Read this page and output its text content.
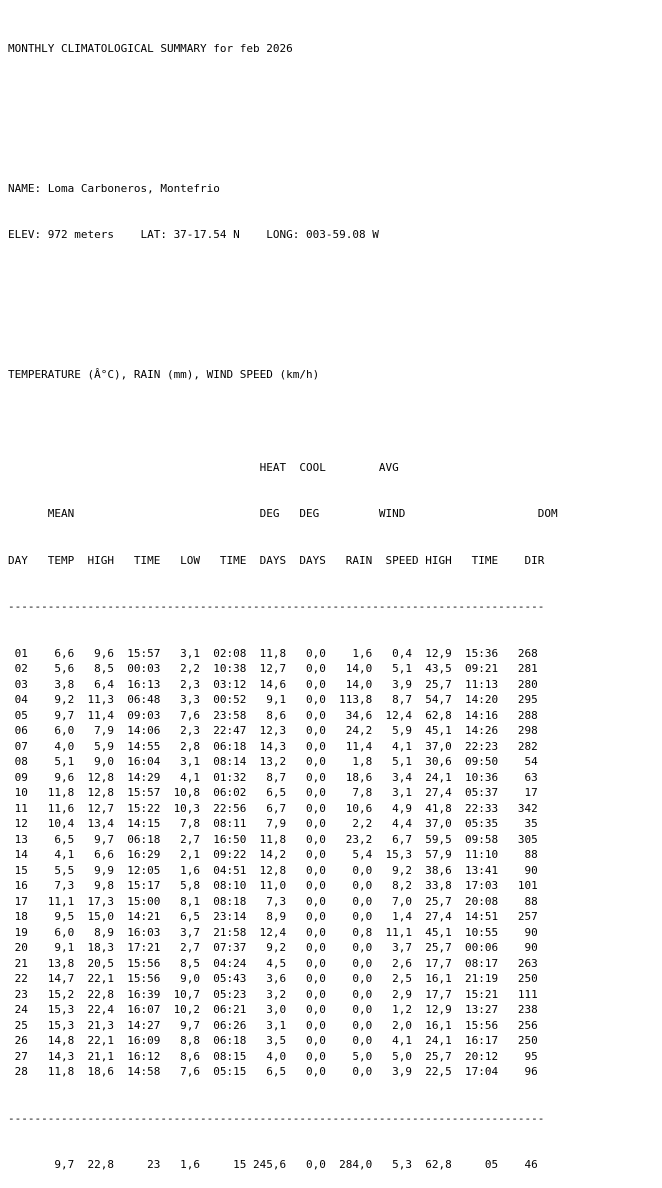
MONTHLY CLIMATOLOGICAL SUMMARY for feb 2026

NAME: Loma Carboneros, Montefrio

ELEV: 972 meters    LAT: 37-17.54 N    LONG: 003-59.08 W

TEMPERATURE (Â°C), RAIN (mm), WIND SPEED (km/h)

HEAT  COOL        AVG

MEAN                            DEG   DEG         WIND                    DOM

DAY   TEMP  HIGH   TIME   LOW   TIME  DAYS  DAYS   RAIN  SPEED HIGH   TIME    DIR

---------------------------------------------------------------------------------

01    6,6   9,6  15:57   3,1  02:08  11,8   0,0    1,6   0,4  12,9  15:36   268
02    5,6   8,5  00:03   2,2  10:38  12,7   0,0   14,0   5,1  43,5  09:21   281
03    3,8   6,4  16:13   2,3  03:12  14,6   0,0   14,0   3,9  25,7  11:13   280
04    9,2  11,3  06:48   3,3  00:52   9,1   0,0  113,8   8,7  54,7  14:20   295
05    9,7  11,4  09:03   7,6  23:58   8,6   0,0   34,6  12,4  62,8  14:16   288
06    6,0   7,9  14:06   2,3  22:47  12,3   0,0   24,2   5,9  45,1  14:26   298
07    4,0   5,9  14:55   2,8  06:18  14,3   0,0   11,4   4,1  37,0  22:23   282
08    5,1   9,0  16:04   3,1  08:14  13,2   0,0    1,8   5,1  30,6  09:50    54
09    9,6  12,8  14:29   4,1  01:32   8,7   0,0   18,6   3,4  24,1  10:36    63
10   11,8  12,8  15:57  10,8  06:02   6,5   0,0    7,8   3,1  27,4  05:37    17
11   11,6  12,7  15:22  10,3  22:56   6,7   0,0   10,6   4,9  41,8  22:33   342
12   10,4  13,4  14:15   7,8  08:11   7,9   0,0    2,2   4,4  37,0  05:35    35
13    6,5   9,7  06:18   2,7  16:50  11,8   0,0   23,2   6,7  59,5  09:58   305
14    4,1   6,6  16:29   2,1  09:22  14,2   0,0    5,4  15,3  57,9  11:10    88
15    5,5   9,9  12:05   1,6  04:51  12,8   0,0    0,0   9,2  38,6  13:41    90
16    7,3   9,8  15:17   5,8  08:10  11,0   0,0    0,0   8,2  33,8  17:03   101
17   11,1  17,3  15:00   8,1  08:18   7,3   0,0    0,0   7,0  25,7  20:08    88
18    9,5  15,0  14:21   6,5  23:14   8,9   0,0    0,0   1,4  27,4  14:51   257
19    6,0   8,9  16:03   3,7  21:58  12,4   0,0    0,8  11,1  45,1  10:55    90
20    9,1  18,3  17:21   2,7  07:37   9,2   0,0    0,0   3,7  25,7  00:06    90
21   13,8  20,5  15:56   8,5  04:24   4,5   0,0    0,0   2,6  17,7  08:17   263
22   14,7  22,1  15:56   9,0  05:43   3,6   0,0    0,0   2,5  16,1  21:19   250
23   15,2  22,8  16:39  10,7  05:23   3,2   0,0    0,0   2,9  17,7  15:21   111
24   15,3  22,4  16:07  10,2  06:21   3,0   0,0    0,0   1,2  12,9  13:27   238
25   15,3  21,3  14:27   9,7  06:26   3,1   0,0    0,0   2,0  16,1  15:56   256
26   14,8  22,1  16:09   8,8  06:18   3,5   0,0    0,0   4,1  24,1  16:17   250
27   14,3  21,1  16:12   8,6  08:15   4,0   0,0    5,0   5,0  25,7  20:12    95
28   11,8  18,6  14:58   7,6  05:15   6,5   0,0    0,0   3,9  22,5  17:04    96

---------------------------------------------------------------------------------

9,7  22,8     23   1,6     15 245,6   0,0  284,0   5,3  62,8     05    46
